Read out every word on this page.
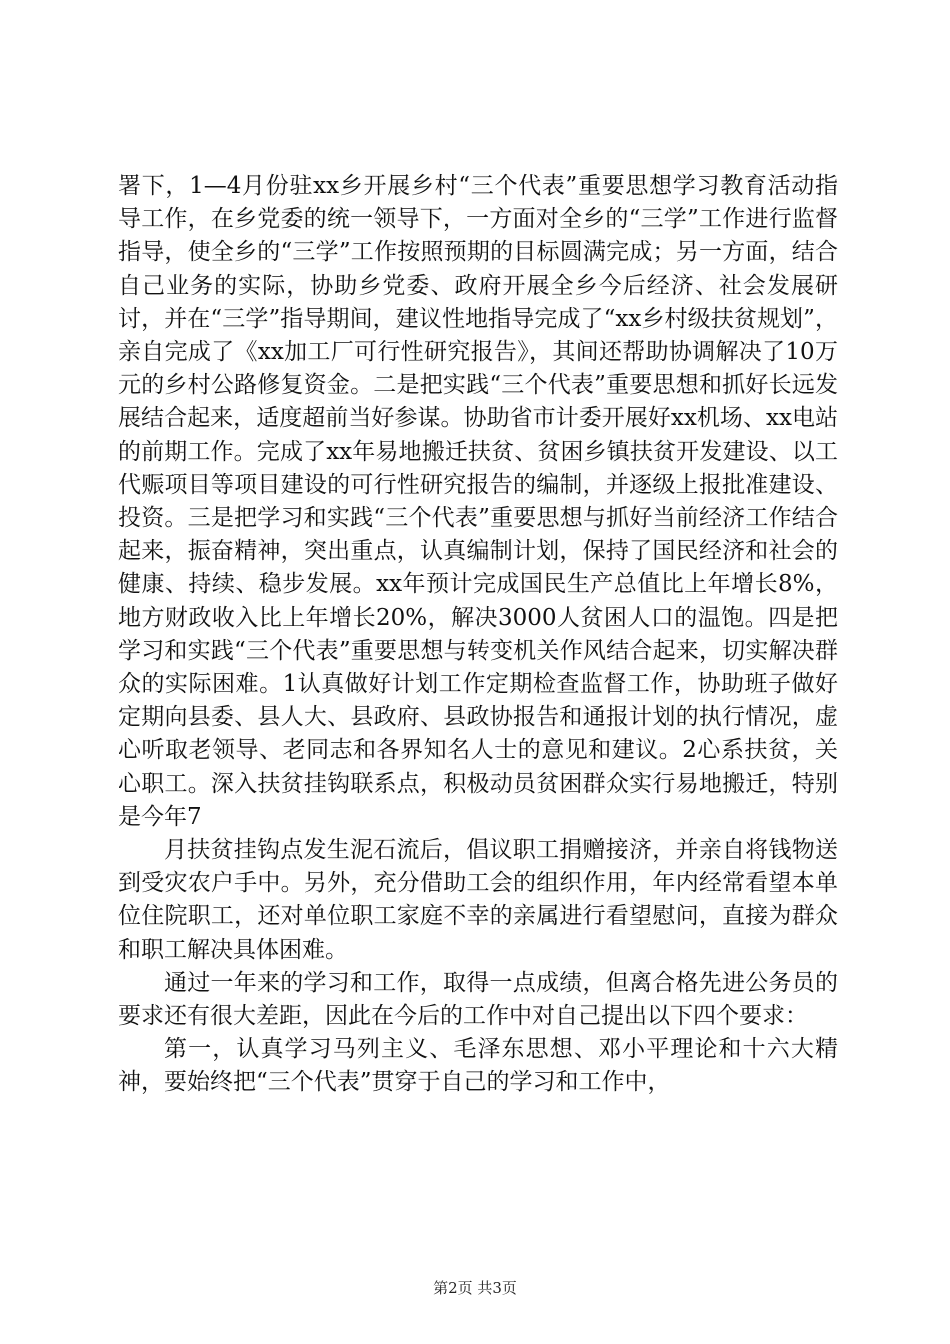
署下，1—4月份驻xx乡开展乡村“三个代表”重要思想学习教育活动指导工作，在乡党委的统一领导下，一方面对全乡的“三学”工作进行监督指导，使全乡的“三学”工作按照预期的目标圆满完成；另一方面，结合自己业务的实际，协助乡党委、政府开展全乡今后经济、社会发展研讨，并在“三学”指导期间，建议性地指导完成了“xx乡村级扶贫规划”，亲自完成了《xx加工厂可行性研究报告》，其间还帮助协调解决了10万元的乡村公路修复资金。二是把实践“三个代表”重要思想和抓好长远发展结合起来，适度超前当好参谋。协助省市计委开展好xx机场、xx电站的前期工作。完成了xx年易地搬迁扶贫、贫困乡镇扶贫开发建设、以工代赈项目等项目建设的可行性研究报告的编制，并逐级上报批准建设、投资。三是把学习和实践“三个代表”重要思想与抓好当前经济工作结合起来，振奋精神，突出重点，认真编制计划，保持了国民经济和社会的健康、持续、稳步发展。xx年预计完成国民生产总值比上年增长8%，地方财政收入比上年增长20%，解决3000人贫困人口的温饱。四是把学习和实践“三个代表”重要思想与转变机关作风结合起来，切实解决群众的实际困难。1认真做好计划工作定期检查监督工作，协助班子做好定期向县委、县人大、县政府、县政协报告和通报计划的执行情况，虚心听取老领导、老同志和各界知名人士的意见和建议。2心系扶贫，关心职工。深入扶贫挂钩联系点，积极动员贫困群众实行易地搬迁，特别是今年7

月扶贫挂钩点发生泥石流后，倡议职工捐赠接济，并亲自将钱物送到受灾农户手中。另外，充分借助工会的组织作用，年内经常看望本单位住院职工，还对单位职工家庭不幸的亲属进行看望慰问，直接为群众和职工解决具体困难。

通过一年来的学习和工作，取得一点成绩，但离合格先进公务员的要求还有很大差距，因此在今后的工作中对自己提出以下四个要求：

第一，认真学习马列主义、毛泽东思想、邓小平理论和十六大精神，要始终把“三个代表”贯穿于自己的学习和工作中，

第2页 共3页
